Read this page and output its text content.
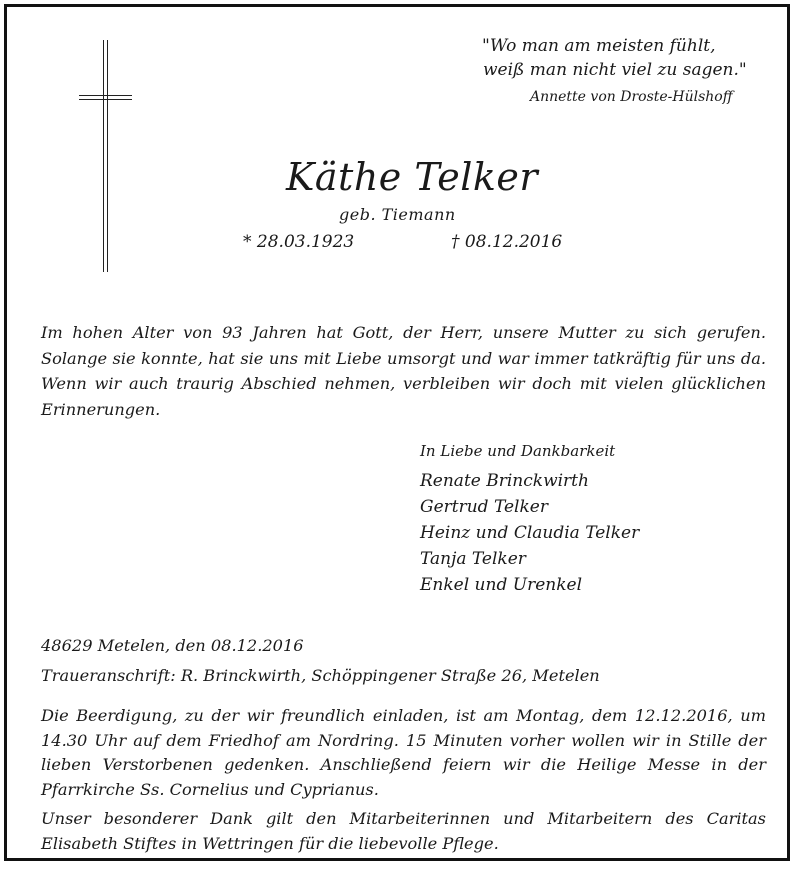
"Wo man am meisten fühlt,
weiß man nicht viel zu sagen."
Annette von Droste-Hülshoff
Käthe Telker
geb. Tiemann
* 28.03.1923	† 08.12.2016
Im hohen Alter von 93 Jahren hat Gott, der Herr, unsere Mutter zu sich gerufen.
Solange sie konnte, hat sie uns mit Liebe umsorgt und war immer tatkräftig für uns da.
Wenn wir auch traurig Abschied nehmen, verbleiben wir doch mit vielen glücklichen
Erinnerungen.
In Liebe und Dankbarkeit
Renate Brinckwirth
Gertrud Telker
Heinz und Claudia Telker
Tanja Telker
Enkel und Urenkel
48629 Metelen, den 08.12.2016
Traueranschrift: R. Brinckwirth, Schöppingener Straße 26, Metelen
Die Beerdigung, zu der wir freundlich einladen, ist am Montag, dem 12.12.2016, um
14.30 Uhr auf dem Friedhof am Nordring. 15 Minuten vorher wollen wir in Stille der
lieben Verstorbenen gedenken. Anschließend feiern wir die Heilige Messe in der
Pfarrkirche Ss. Cornelius und Cyprianus.
Unser besonderer Dank gilt den Mitarbeiterinnen und Mitarbeitern des Caritas
Elisabeth Stiftes in Wettringen für die liebevolle Pflege.
